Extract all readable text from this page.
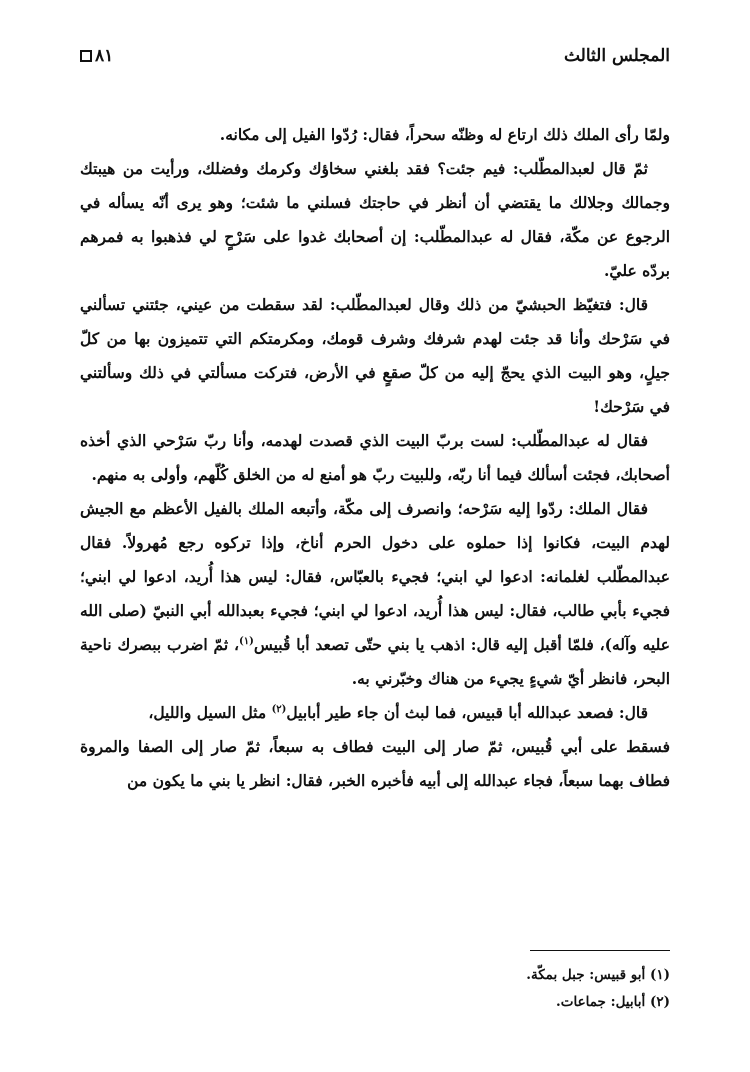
المجلس الثالث
٨١

ولمّا رأى الملك ذلك ارتاع له وظنّه سحراً، فقال: رُدّوا الفيل إلى مكانه.

ثمّ قال لعبدالمطّلب: فيم جئت؟ فقد بلغني سخاؤك وكرمك وفضلك، ورأيت من هيبتك وجمالك وجلالك ما يقتضي أن أنظر في حاجتك فسلني ما شئت؛ وهو يرى أنّه يسأله في الرجوع عن مكّة، فقال له عبدالمطّلب: إن أصحابك غدوا على سَرْحٍ لي فذهبوا به فمرهم بردّه عليّ.

قال: فتغيّظ الحبشيّ من ذلك وقال لعبدالمطّلب: لقد سقطت من عيني، جئتني تسألني في سَرْحك وأنا قد جئت لهدم شرفك وشرف قومك، ومكرمتكم التي تتميزون بها من كلّ جيلٍ، وهو البيت الذي يحجّ إليه من كلّ صقعٍ في الأرض، فتركت مسألتي في ذلك وسألتني في سَرْحك!

فقال له عبدالمطّلب: لست بربّ البيت الذي قصدت لهدمه، وأنا ربّ سَرْحي الذي أخذه أصحابك، فجئت أسألك فيما أنا ربّه، وللبيت ربّ هو أمنع له من الخلق كُلّهم، وأولى به منهم.

فقال الملك: ردّوا إليه سَرْحه؛ وانصرف إلى مكّة، وأتبعه الملك بالفيل الأعظم مع الجيش لهدم البيت، فكانوا إذا حملوه على دخول الحرم أناخ، وإذا تركوه رجع مُهرولاً. فقال عبدالمطّلب لغلمانه: ادعوا لي ابني؛ فجيء بالعبّاس، فقال: ليس هذا أُريد، ادعوا لي ابني؛ فجيء بأبي طالب، فقال: ليس هذا أُريد، ادعوا لي ابني؛ فجيء بعبدالله أبي النبيّ (صلى الله عليه وآله)، فلمّا أقبل إليه قال: اذهب يا بني حتّى تصعد أبا قُبيس$^{(١)}$، ثمّ اضرب ببصرك ناحية البحر، فانظر أيّ شيءٍ يجيء من هناك وخبّرني به.

قال: فصعد عبدالله أبا قبيس، فما لبث أن جاء طير أبابيل$^{(٢)}$ مثل السيل والليل،

فسقط على أبي قُبيس، ثمّ صار إلى البيت فطاف به سبعاً، ثمّ صار إلى الصفا والمروة فطاف بهما سبعاً، فجاء عبدالله إلى أبيه فأخبره الخبر، فقال: انظر يا بني ما يكون من

(١) أبو قبيس: جبل بمكّة.

(٢) أبابيل: جماعات.
